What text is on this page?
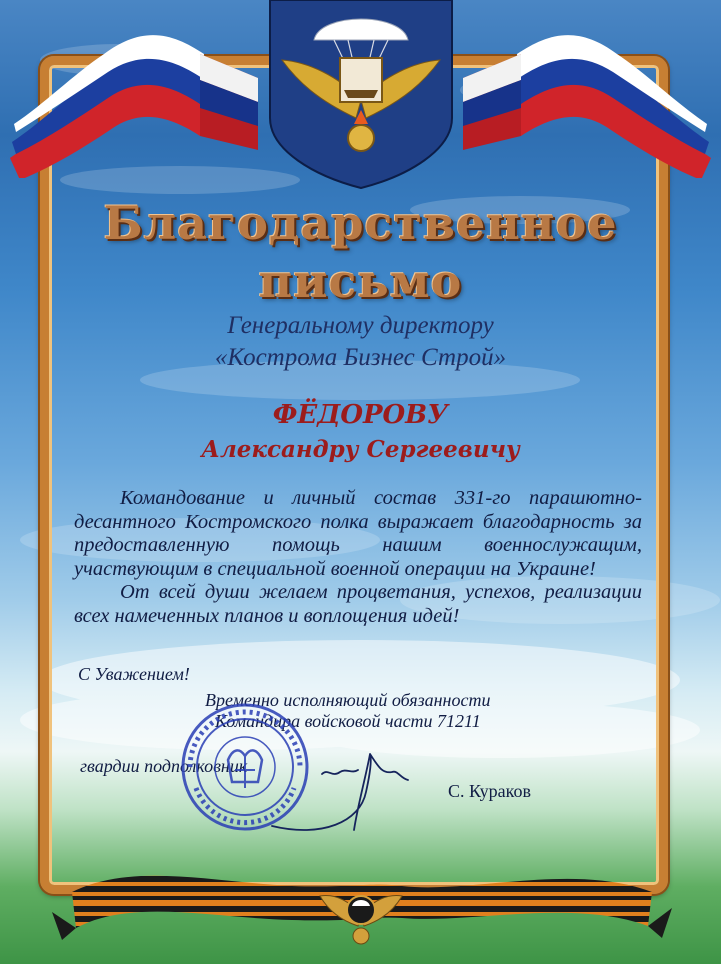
Благодарственное
письмо
Генеральному директору
«Кострома Бизнес Строй»
ФЁДОРОВУ
Александру Сергеевичу

Командование и личный состав 331-го парашютно-десантного Костромского полка выражает благодарность за предоставленную помощь нашим военнослужащим, участвующим в специальной военной операции на Украине!

От всей души желаем процветания, успехов, реализации всех намеченных планов и воплощения идей!

С Уважением!
Временно исполняющий обязанности
Командира войсковой части 71211
гвардии подполковник
С. Кураков
